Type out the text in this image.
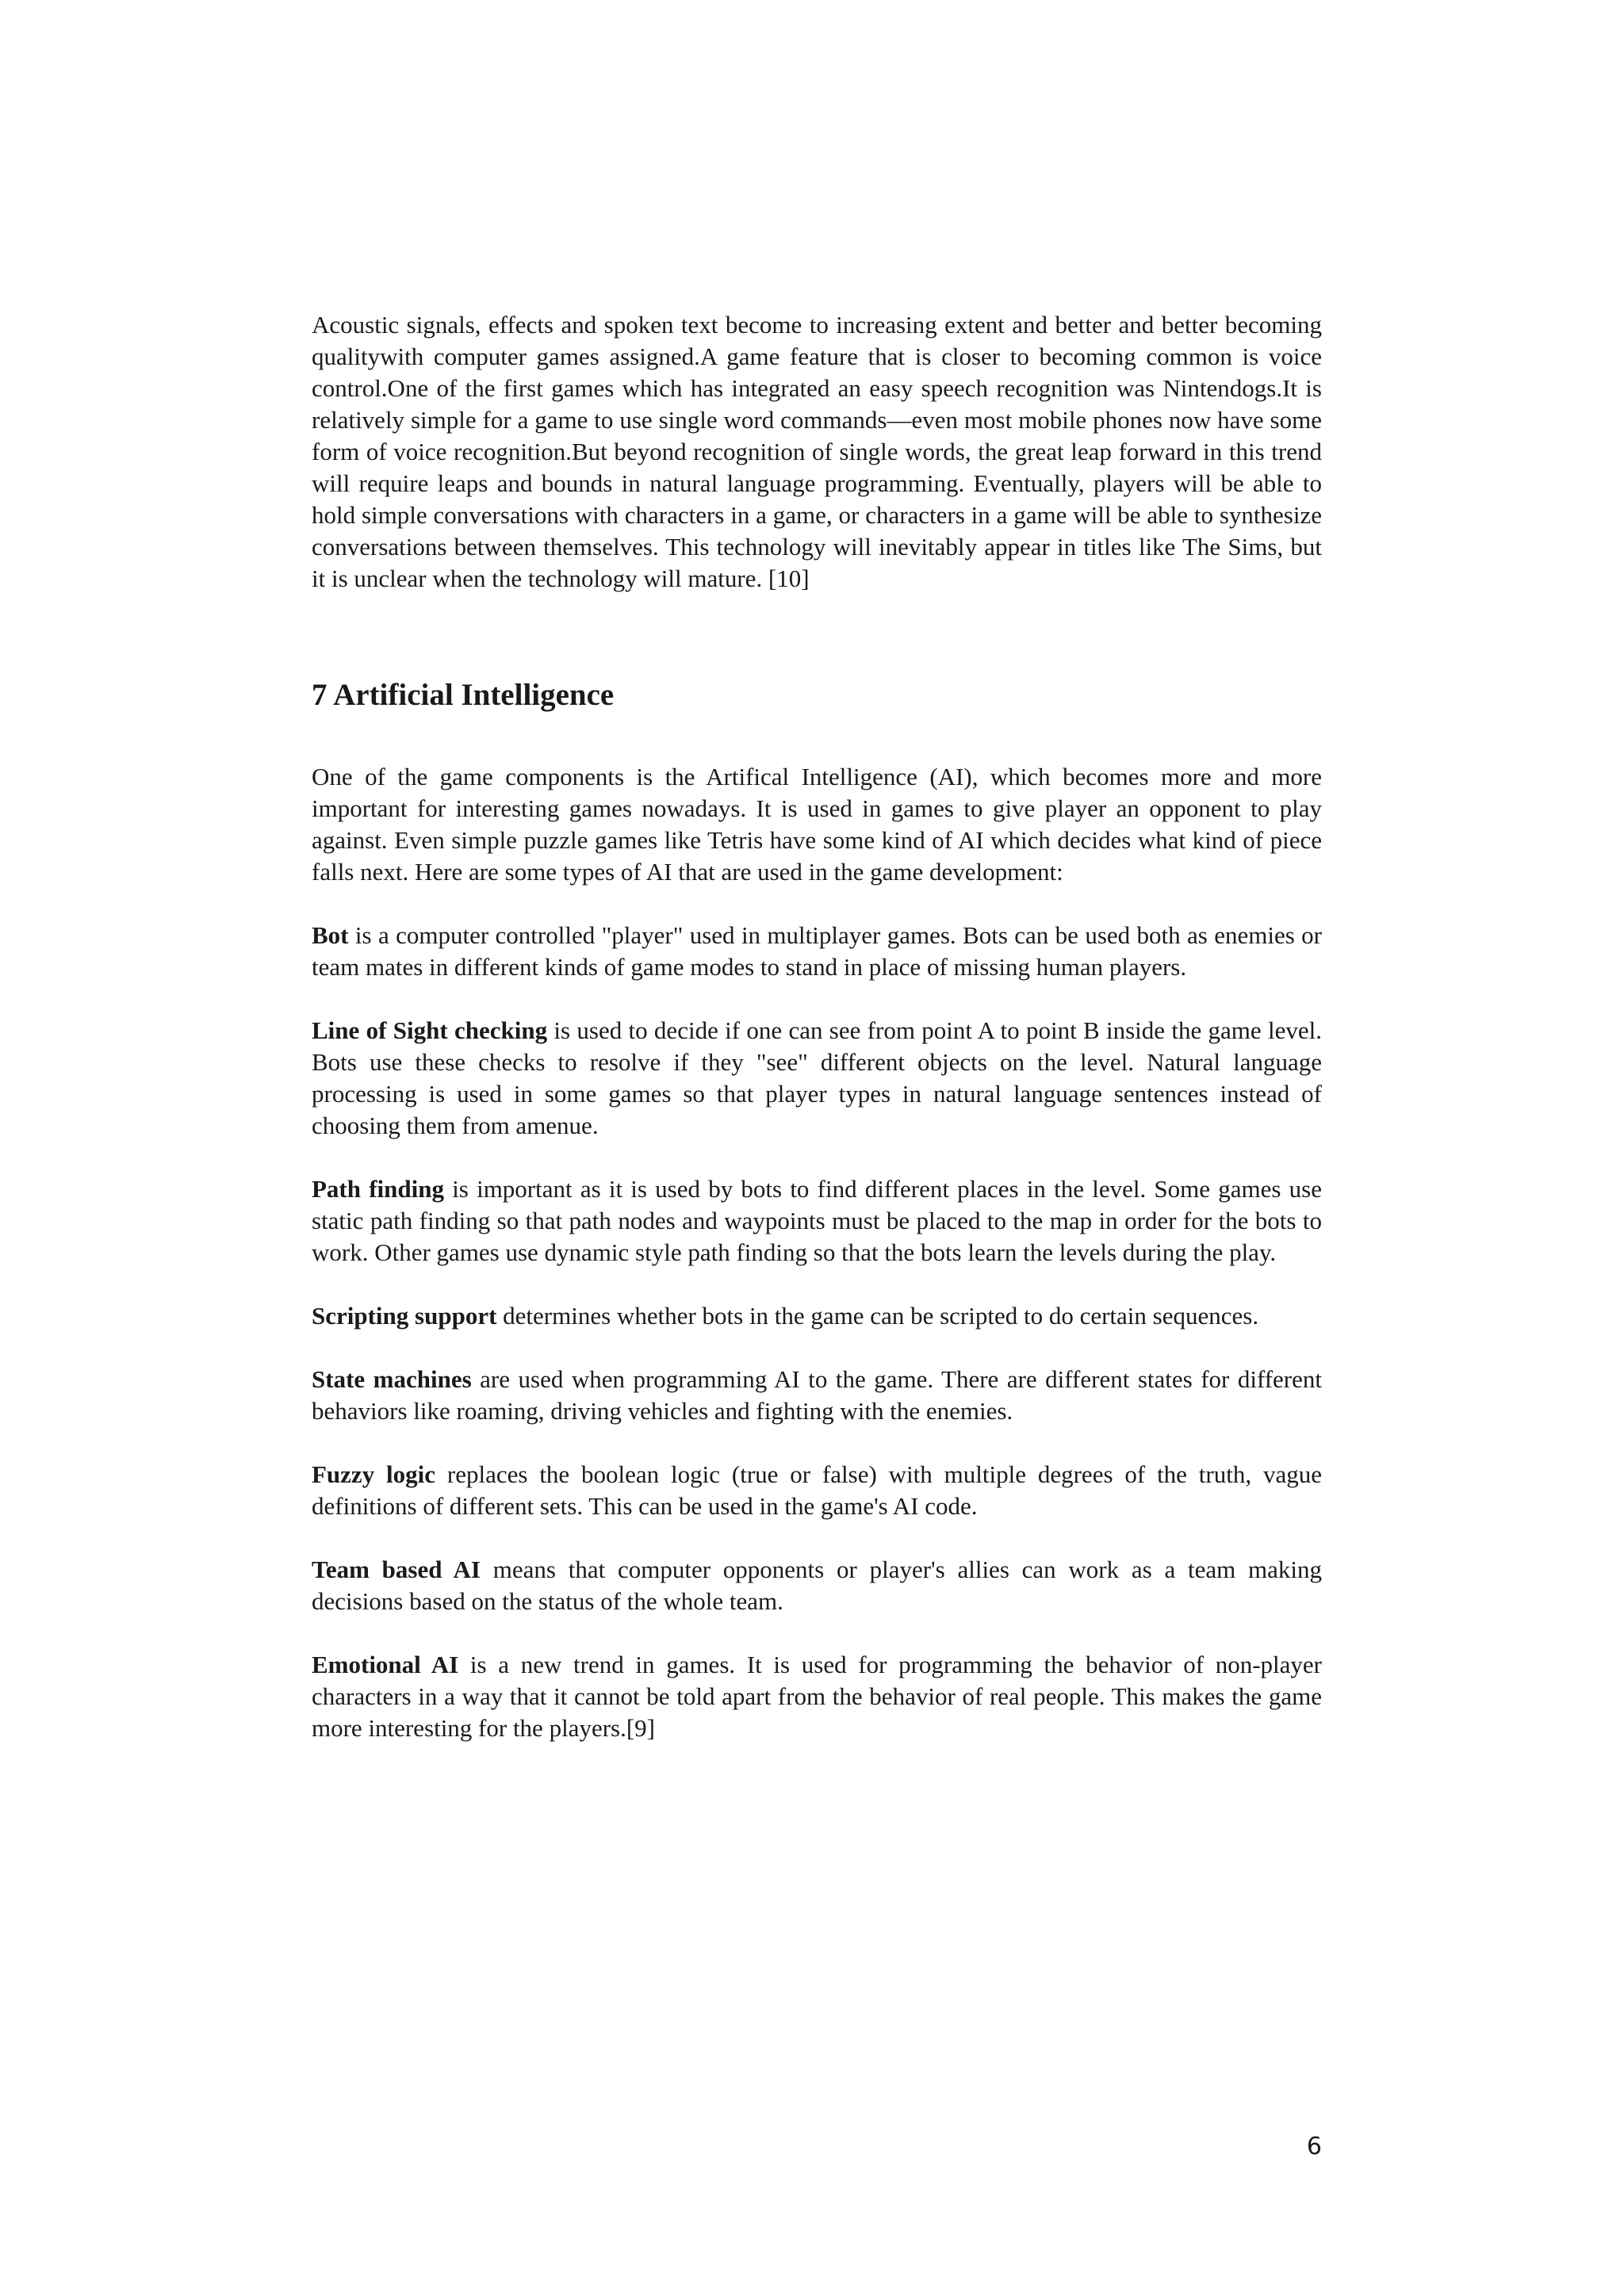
Acoustic signals, effects and spoken text become to increasing extent and better and better becoming qualitywith computer games assigned.A game feature that is closer to becoming common is voice control.One of the first games which has integrated an easy speech recognition was Nintendogs.It is relatively simple for a game to use single word commands—even most mobile phones now have some form of voice recognition.But beyond recognition of single words, the great leap forward in this trend will require leaps and bounds in natural language programming. Eventually, players will be able to hold simple conversations with characters in a game, or characters in a game will be able to synthesize conversations between themselves. This technology will inevitably appear in titles like The Sims, but it is unclear when the technology will mature. [10]

7 Artificial Intelligence

One of the game components is the Artifical Intelligence (AI), which becomes more and more important for interesting games nowadays. It is used in games to give player an opponent to play against. Even simple puzzle games like Tetris have some kind of AI which decides what kind of piece falls next. Here are some types of AI that are used in the game development:

Bot is a computer controlled "player" used in multiplayer games. Bots can be used both as enemies or team mates in different kinds of game modes to stand in place of missing human players.

Line of Sight checking is used to decide if one can see from point A to point B inside the game level. Bots use these checks to resolve if they "see" different objects on the level. Natural language processing is used in some games so that player types in natural language sentences instead of choosing them from amenue.

Path finding is important as it is used by bots to find different places in the level. Some games use static path finding so that path nodes and waypoints must be placed to the map in order for the bots to work. Other games use dynamic style path finding so that the bots learn the levels during the play.

Scripting support determines whether bots in the game can be scripted to do certain sequences.

State machines are used when programming AI to the game. There are different states for different behaviors like roaming, driving vehicles and fighting with the enemies.

Fuzzy logic replaces the boolean logic (true or false) with multiple degrees of the truth, vague definitions of different sets. This can be used in the game's AI code.

Team based AI means that computer opponents or player's allies can work as a team making decisions based on the status of the whole team.

Emotional AI is a new trend in games. It is used for programming the behavior of non-player characters in a way that it cannot be told apart from the behavior of real people. This makes the game more interesting for the players.[9]

6
